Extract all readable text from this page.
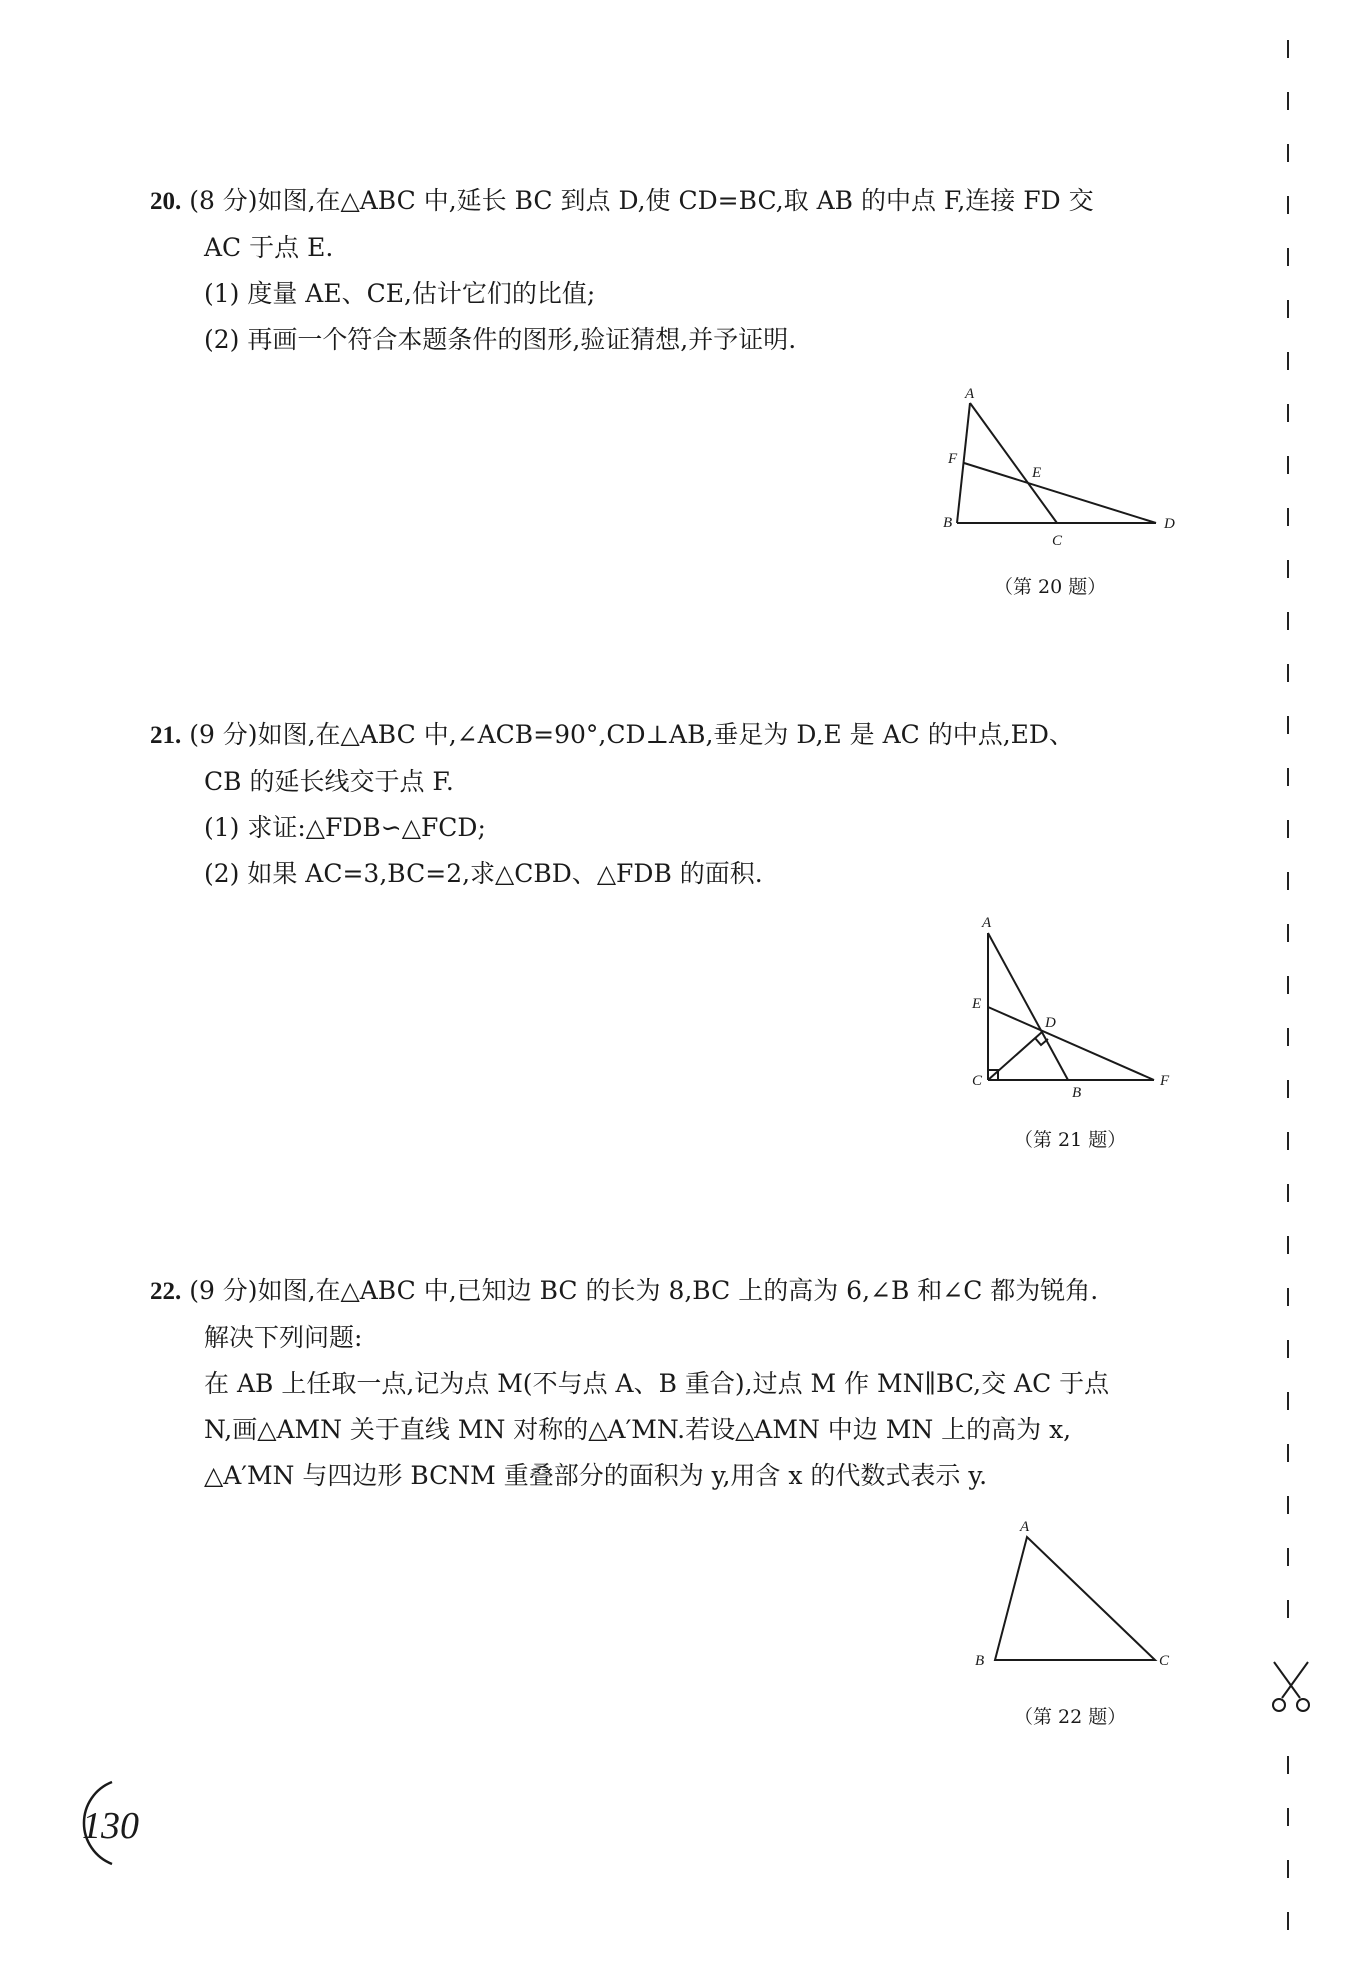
20. (8 分)如图,在△ABC 中,延长 BC 到点 D,使 CD=BC,取 AB 的中点 F,连接 FD 交
AC 于点 E.
(1) 度量 AE、CE,估计它们的比值;
(2) 再画一个符合本题条件的图形,验证猜想,并予证明.
A
F
E
B
C
D
（第 20 题）
21. (9 分)如图,在△ABC 中,∠ACB=90°,CD⊥AB,垂足为 D,E 是 AC 的中点,ED、
CB 的延长线交于点 F.
(1) 求证:△FDB∽△FCD;
(2) 如果 AC=3,BC=2,求△CBD、△FDB 的面积.
A
E
D
C
B
F
（第 21 题）
22. (9 分)如图,在△ABC 中,已知边 BC 的长为 8,BC 上的高为 6,∠B 和∠C 都为锐角.
解决下列问题:
在 AB 上任取一点,记为点 M(不与点 A、B 重合),过点 M 作 MN∥BC,交 AC 于点
N,画△AMN 关于直线 MN 对称的△A′MN.若设△AMN 中边 MN 上的高为 x,
△A′MN 与四边形 BCNM 重叠部分的面积为 y,用含 x 的代数式表示 y.
A
B	C
（第 22 题）
130
